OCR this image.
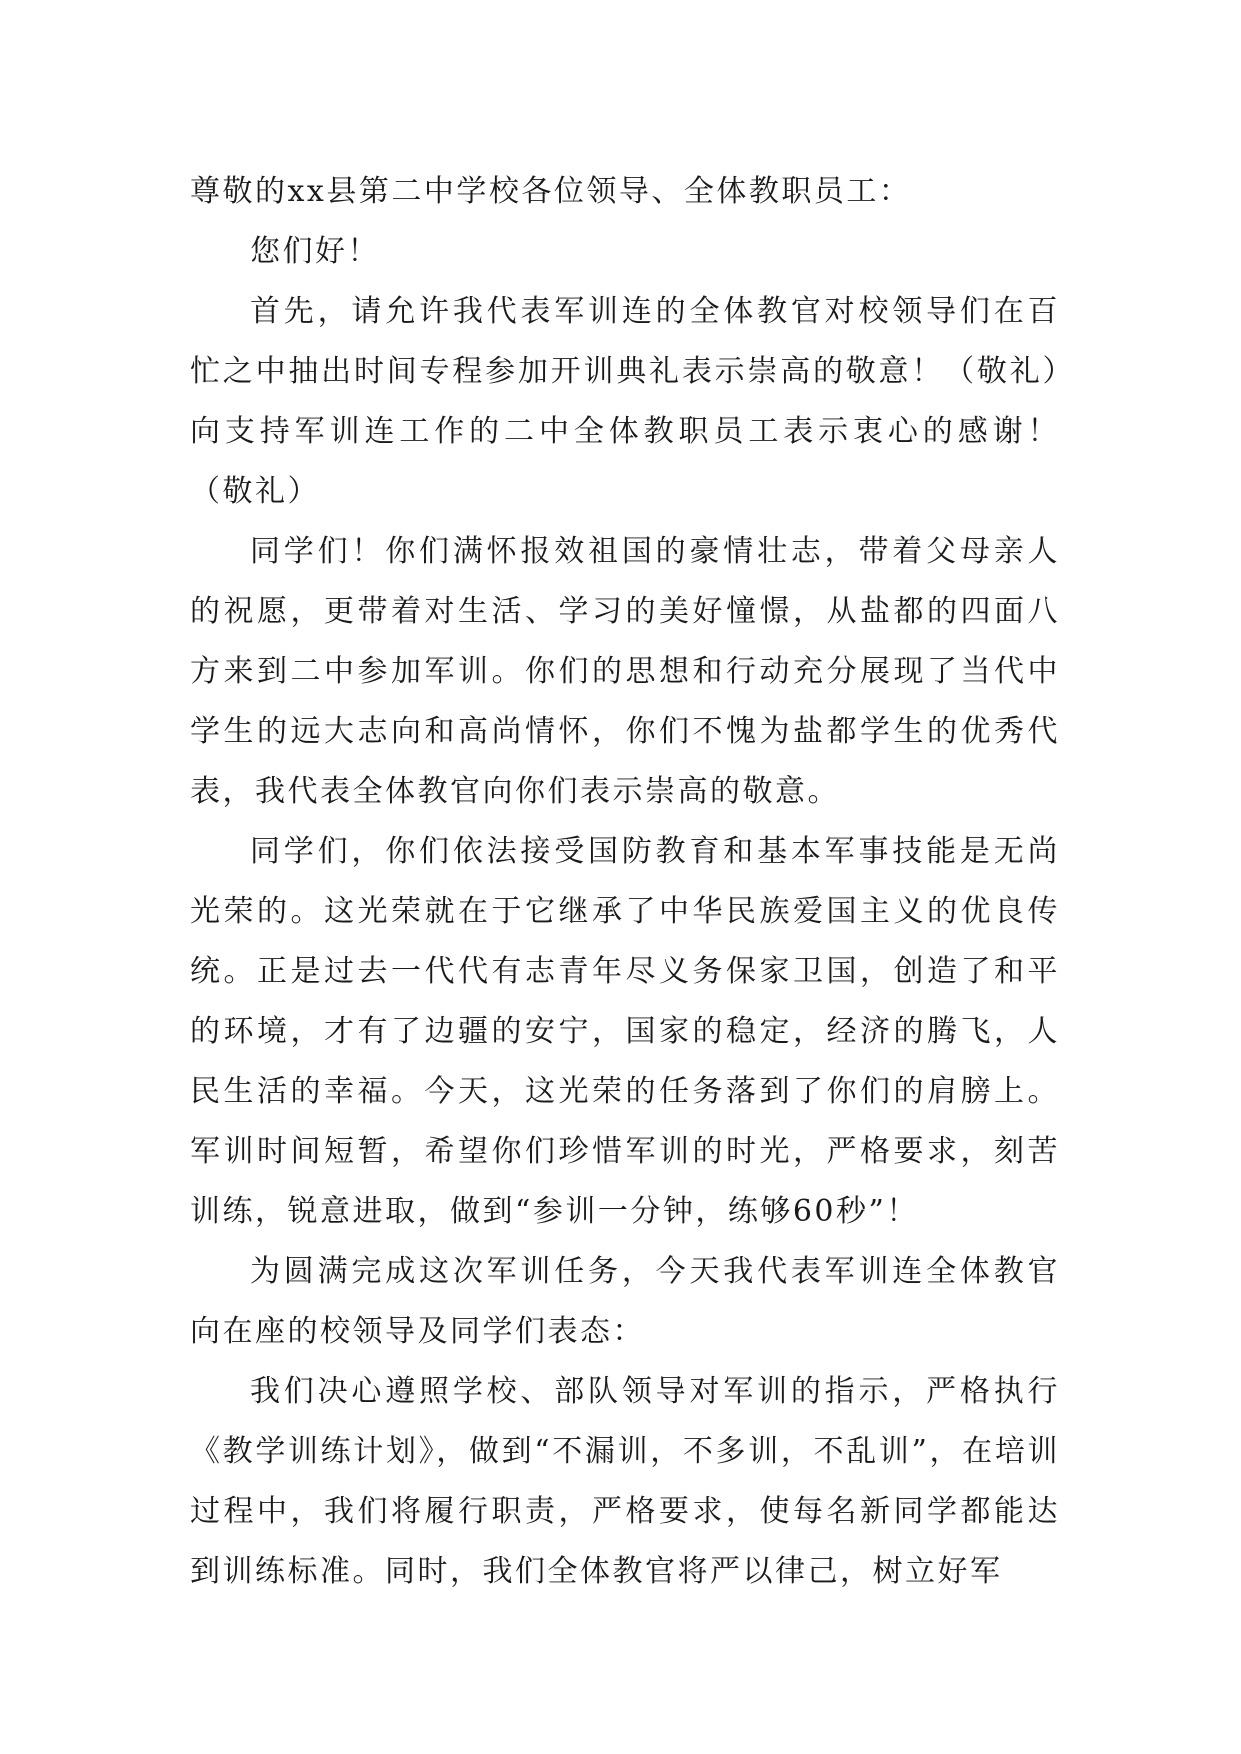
尊敬的xx县第二中学校各位领导、全体教职员工：

您们好！

首先，请允许我代表军训连的全体教官对校领导们在百忙之中抽出时间专程参加开训典礼表示崇高的敬意！（敬礼）向支持军训连工作的二中全体教职员工表示衷心的感谢！（敬礼）

同学们！你们满怀报效祖国的豪情壮志，带着父母亲人的祝愿，更带着对生活、学习的美好憧憬，从盐都的四面八方来到二中参加军训。你们的思想和行动充分展现了当代中学生的远大志向和高尚情怀，你们不愧为盐都学生的优秀代表，我代表全体教官向你们表示崇高的敬意。

同学们，你们依法接受国防教育和基本军事技能是无尚光荣的。这光荣就在于它继承了中华民族爱国主义的优良传统。正是过去一代代有志青年尽义务保家卫国，创造了和平的环境，才有了边疆的安宁，国家的稳定，经济的腾飞，人民生活的幸福。今天，这光荣的任务落到了你们的肩膀上。军训时间短暂，希望你们珍惜军训的时光，严格要求，刻苦训练，锐意进取，做到“参训一分钟，练够60秒”！

为圆满完成这次军训任务，今天我代表军训连全体教官向在座的校领导及同学们表态：

我们决心遵照学校、部队领导对军训的指示，严格执行《教学训练计划》，做到“不漏训，不多训，不乱训”，在培训过程中，我们将履行职责，严格要求，使每名新同学都能达到训练标准。同时，我们全体教官将严以律己，树立好军
